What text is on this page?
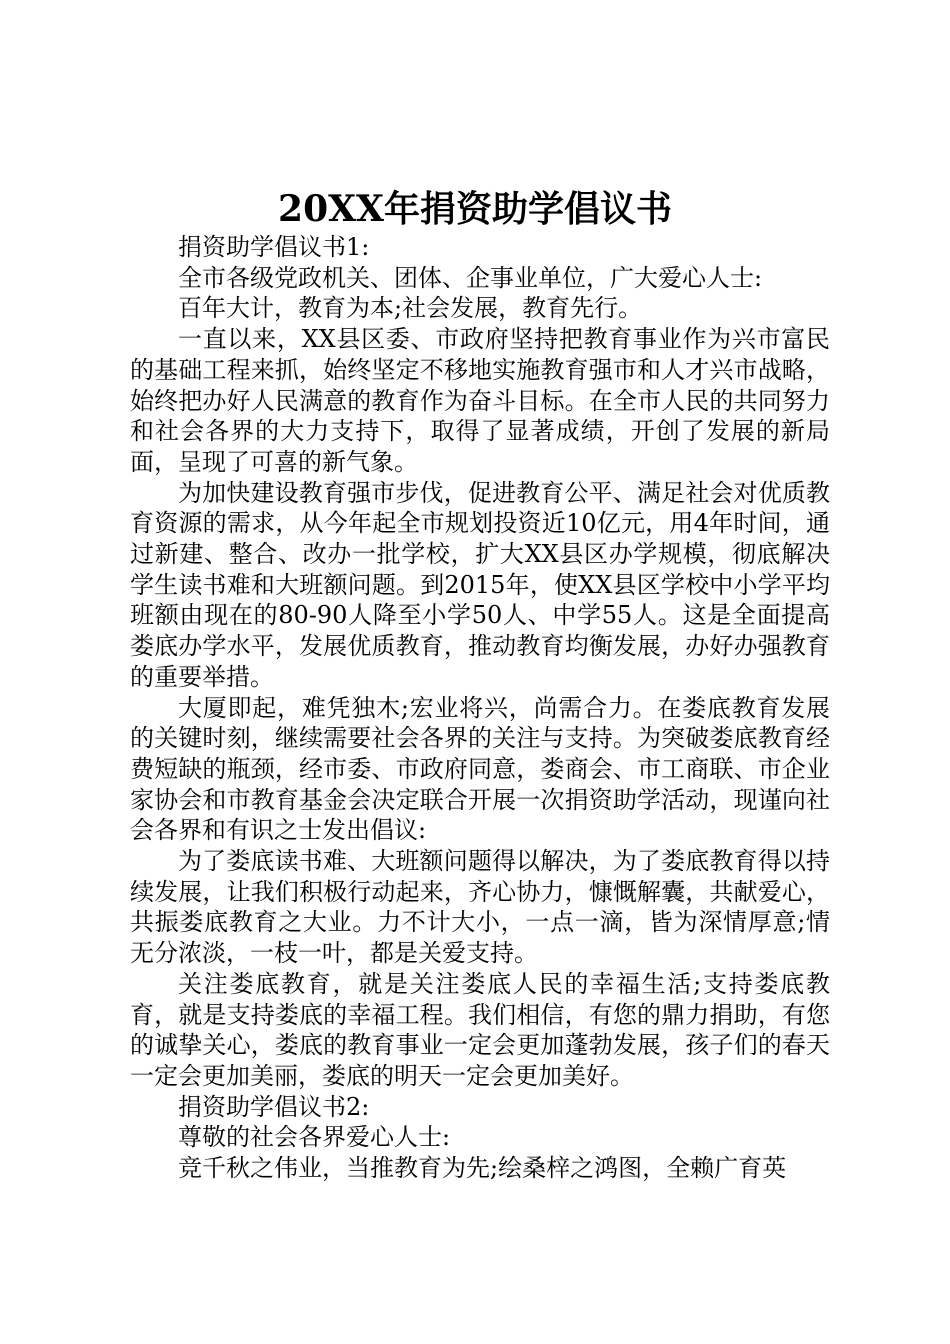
20XX年捐资助学倡议书

捐资助学倡议书1:

全市各级党政机关、团体、企事业单位，广大爱心人士:

百年大计，教育为本;社会发展，教育先行。

一直以来，XX县区委、市政府坚持把教育事业作为兴市富民的基础工程来抓，始终坚定不移地实施教育强市和人才兴市战略，始终把办好人民满意的教育作为奋斗目标。在全市人民的共同努力和社会各界的大力支持下，取得了显著成绩，开创了发展的新局面，呈现了可喜的新气象。

为加快建设教育强市步伐，促进教育公平、满足社会对优质教育资源的需求，从今年起全市规划投资近10亿元，用4年时间，通过新建、整合、改办一批学校，扩大XX县区办学规模，彻底解决学生读书难和大班额问题。到2015年，使XX县区学校中小学平均班额由现在的80-90人降至小学50人、中学55人。这是全面提高娄底办学水平，发展优质教育，推动教育均衡发展，办好办强教育的重要举措。

大厦即起，难凭独木;宏业将兴，尚需合力。在娄底教育发展的关键时刻，继续需要社会各界的关注与支持。为突破娄底教育经费短缺的瓶颈，经市委、市政府同意，娄商会、市工商联、市企业家协会和市教育基金会决定联合开展一次捐资助学活动，现谨向社会各界和有识之士发出倡议:

为了娄底读书难、大班额问题得以解决，为了娄底教育得以持续发展，让我们积极行动起来，齐心协力，慷慨解囊，共献爱心，共振娄底教育之大业。力不计大小，一点一滴，皆为深情厚意;情无分浓淡，一枝一叶，都是关爱支持。

关注娄底教育，就是关注娄底人民的幸福生活;支持娄底教育，就是支持娄底的幸福工程。我们相信，有您的鼎力捐助，有您的诚挚关心，娄底的教育事业一定会更加蓬勃发展，孩子们的春天一定会更加美丽，娄底的明天一定会更加美好。

捐资助学倡议书2:

尊敬的社会各界爱心人士:

竞千秋之伟业，当推教育为先;绘桑梓之鸿图，全赖广育英
